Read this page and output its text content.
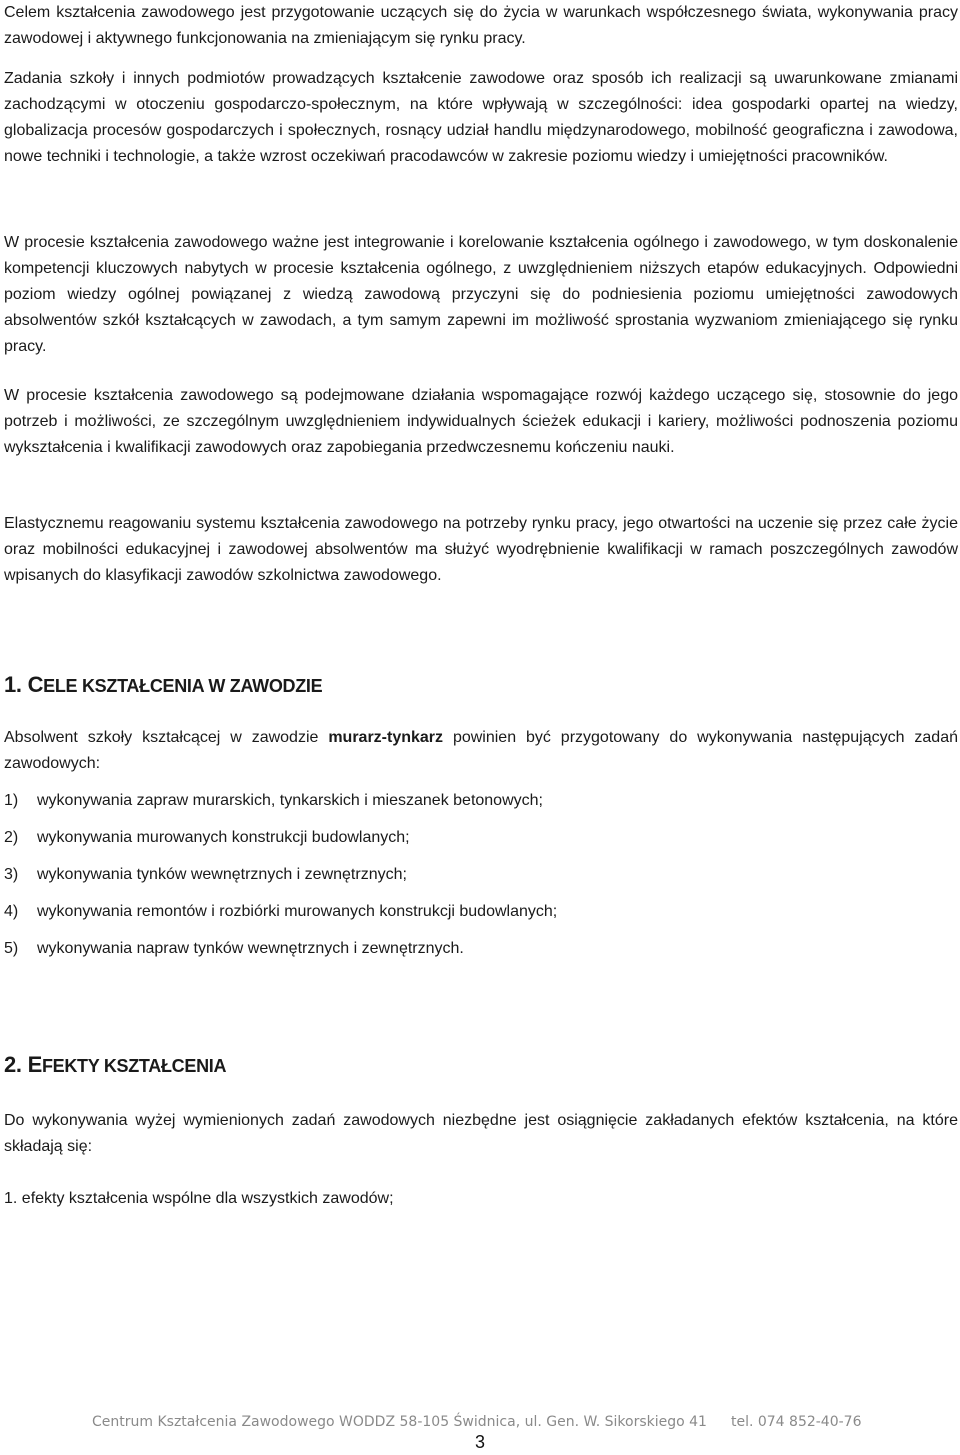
Celem kształcenia zawodowego jest przygotowanie uczących się do życia w warunkach współczesnego świata, wykonywania pracy zawodowej i aktywnego funkcjonowania na zmieniającym się rynku pracy.

Zadania szkoły i innych podmiotów prowadzących kształcenie zawodowe oraz sposób ich realizacji są uwarunkowane zmianami zachodzącymi w otoczeniu gospodarczo-społecznym, na które wpływają w szczególności: idea gospodarki opartej na wiedzy, globalizacja procesów gospodarczych i społecznych, rosnący udział handlu międzynarodowego, mobilność geograficzna i zawodowa, nowe techniki i technologie, a także wzrost oczekiwań pracodawców w zakresie poziomu wiedzy i umiejętności pracowników.

W procesie kształcenia zawodowego ważne jest integrowanie i korelowanie kształcenia ogólnego i zawodowego, w tym doskonalenie kompetencji kluczowych nabytych w procesie kształcenia ogólnego, z uwzględnieniem niższych etapów edukacyjnych. Odpowiedni poziom wiedzy ogólnej powiązanej z wiedzą zawodową przyczyni się do podniesienia poziomu umiejętności zawodowych absolwentów szkół kształcących w zawodach, a tym samym zapewni im możliwość sprostania wyzwaniom zmieniającego się rynku pracy.

W procesie kształcenia zawodowego są podejmowane działania wspomagające rozwój każdego uczącego się, stosownie do jego potrzeb i możliwości, ze szczególnym uwzględnieniem indywidualnych ścieżek edukacji i kariery, możliwości podnoszenia poziomu wykształcenia i kwalifikacji zawodowych oraz zapobiegania przedwczesnemu kończeniu nauki.

Elastycznemu reagowaniu systemu kształcenia zawodowego na potrzeby rynku pracy, jego otwartości na uczenie się przez całe życie oraz mobilności edukacyjnej i zawodowej absolwentów ma służyć wyodrębnienie kwalifikacji w ramach poszczególnych zawodów wpisanych do klasyfikacji zawodów szkolnictwa zawodowego.

1. CELE KSZTAŁCENIA W ZAWODZIE

Absolwent szkoły kształcącej w zawodzie murarz-tynkarz powinien być przygotowany do wykonywania następujących zadań zawodowych:

1)	wykonywania zapraw murarskich, tynkarskich i mieszanek betonowych;
2)	wykonywania murowanych konstrukcji budowlanych;
3)	wykonywania tynków wewnętrznych i zewnętrznych;
4)	wykonywania remontów i rozbiórki murowanych konstrukcji budowlanych;
5)	wykonywania napraw tynków wewnętrznych i zewnętrznych.
2. EFEKTY KSZTAŁCENIA

Do wykonywania wyżej wymienionych zadań zawodowych niezbędne jest osiągnięcie zakładanych efektów kształcenia, na które składają się:

1. efekty kształcenia wspólne dla wszystkich zawodów;

Centrum Kształcenia Zawodowego WODDZ 58-105 Świdnica, ul. Gen. W. Sikorskiego 41 tel. 074 852-40-76
3
